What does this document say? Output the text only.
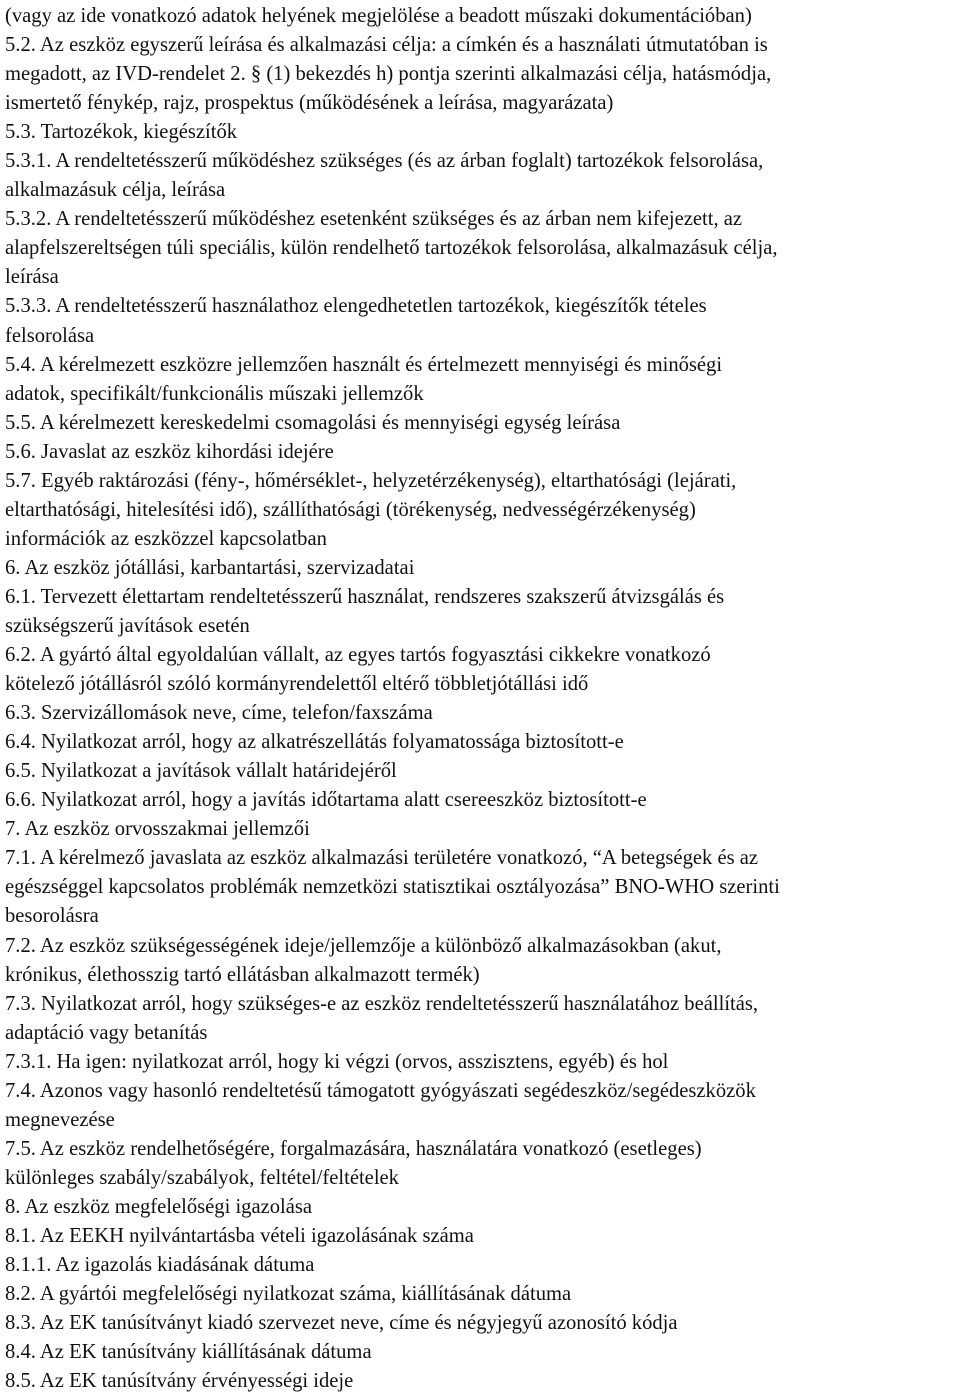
(vagy az ide vonatkozó adatok helyének megjelölése a beadott műszaki dokumentációban)
5.2. Az eszköz egyszerű leírása és alkalmazási célja: a címkén és a használati útmutatóban is
megadott, az IVD-rendelet 2. § (1) bekezdés h) pontja szerinti alkalmazási célja, hatásmódja,
ismertető fénykép, rajz, prospektus (működésének a leírása, magyarázata)
5.3. Tartozékok, kiegészítők
5.3.1. A rendeltetésszerű működéshez szükséges (és az árban foglalt) tartozékok felsorolása,
alkalmazásuk célja, leírása
5.3.2. A rendeltetésszerű működéshez esetenként szükséges és az árban nem kifejezett, az
alapfelszereltségen túli speciális, külön rendelhető tartozékok felsorolása, alkalmazásuk célja,
leírása
5.3.3. A rendeltetésszerű használathoz elengedhetetlen tartozékok, kiegészítők tételes
felsorolása
5.4. A kérelmezett eszközre jellemzően használt és értelmezett mennyiségi és minőségi
adatok, specifikált/funkcionális műszaki jellemzők
5.5. A kérelmezett kereskedelmi csomagolási és mennyiségi egység leírása
5.6. Javaslat az eszköz kihordási idejére
5.7. Egyéb raktározási (fény-, hőmérséklet-, helyzetérzékenység), eltarthatósági (lejárati,
eltarthatósági, hitelesítési idő), szállíthatósági (törékenység, nedvességérzékenység)
információk az eszközzel kapcsolatban
6. Az eszköz jótállási, karbantartási, szervizadatai
6.1. Tervezett élettartam rendeltetésszerű használat, rendszeres szakszerű átvizsgálás és
szükségszerű javítások esetén
6.2. A gyártó által egyoldalúan vállalt, az egyes tartós fogyasztási cikkekre vonatkozó
kötelező jótállásról szóló kormányrendelettől eltérő többletjótállási idő
6.3. Szervizállomások neve, címe, telefon/faxszáma
6.4. Nyilatkozat arról, hogy az alkatrészellátás folyamatossága biztosított-e
6.5. Nyilatkozat a javítások vállalt határidejéről
6.6. Nyilatkozat arról, hogy a javítás időtartama alatt csereeszköz biztosított-e
7. Az eszköz orvosszakmai jellemzői
7.1. A kérelmező javaslata az eszköz alkalmazási területére vonatkozó, “A betegségek és az
egészséggel kapcsolatos problémák nemzetközi statisztikai osztályozása” BNO-WHO szerinti
besorolásra
7.2. Az eszköz szükségességének ideje/jellemzője a különböző alkalmazásokban (akut,
krónikus, élethosszig tartó ellátásban alkalmazott termék)
7.3. Nyilatkozat arról, hogy szükséges-e az eszköz rendeltetésszerű használatához beállítás,
adaptáció vagy betanítás
7.3.1. Ha igen: nyilatkozat arról, hogy ki végzi (orvos, asszisztens, egyéb) és hol
7.4. Azonos vagy hasonló rendeltetésű támogatott gyógyászati segédeszköz/segédeszközök
megnevezése
7.5. Az eszköz rendelhetőségére, forgalmazására, használatára vonatkozó (esetleges)
különleges szabály/szabályok, feltétel/feltételek
8. Az eszköz megfelelőségi igazolása
8.1. Az EEKH nyilvántartásba vételi igazolásának száma
8.1.1. Az igazolás kiadásának dátuma
8.2. A gyártói megfelelőségi nyilatkozat száma, kiállításának dátuma
8.3. Az EK tanúsítványt kiadó szervezet neve, címe és négyjegyű azonosító kódja
8.4. Az EK tanúsítvány kiállításának dátuma
8.5. Az EK tanúsítvány érvényességi ideje
